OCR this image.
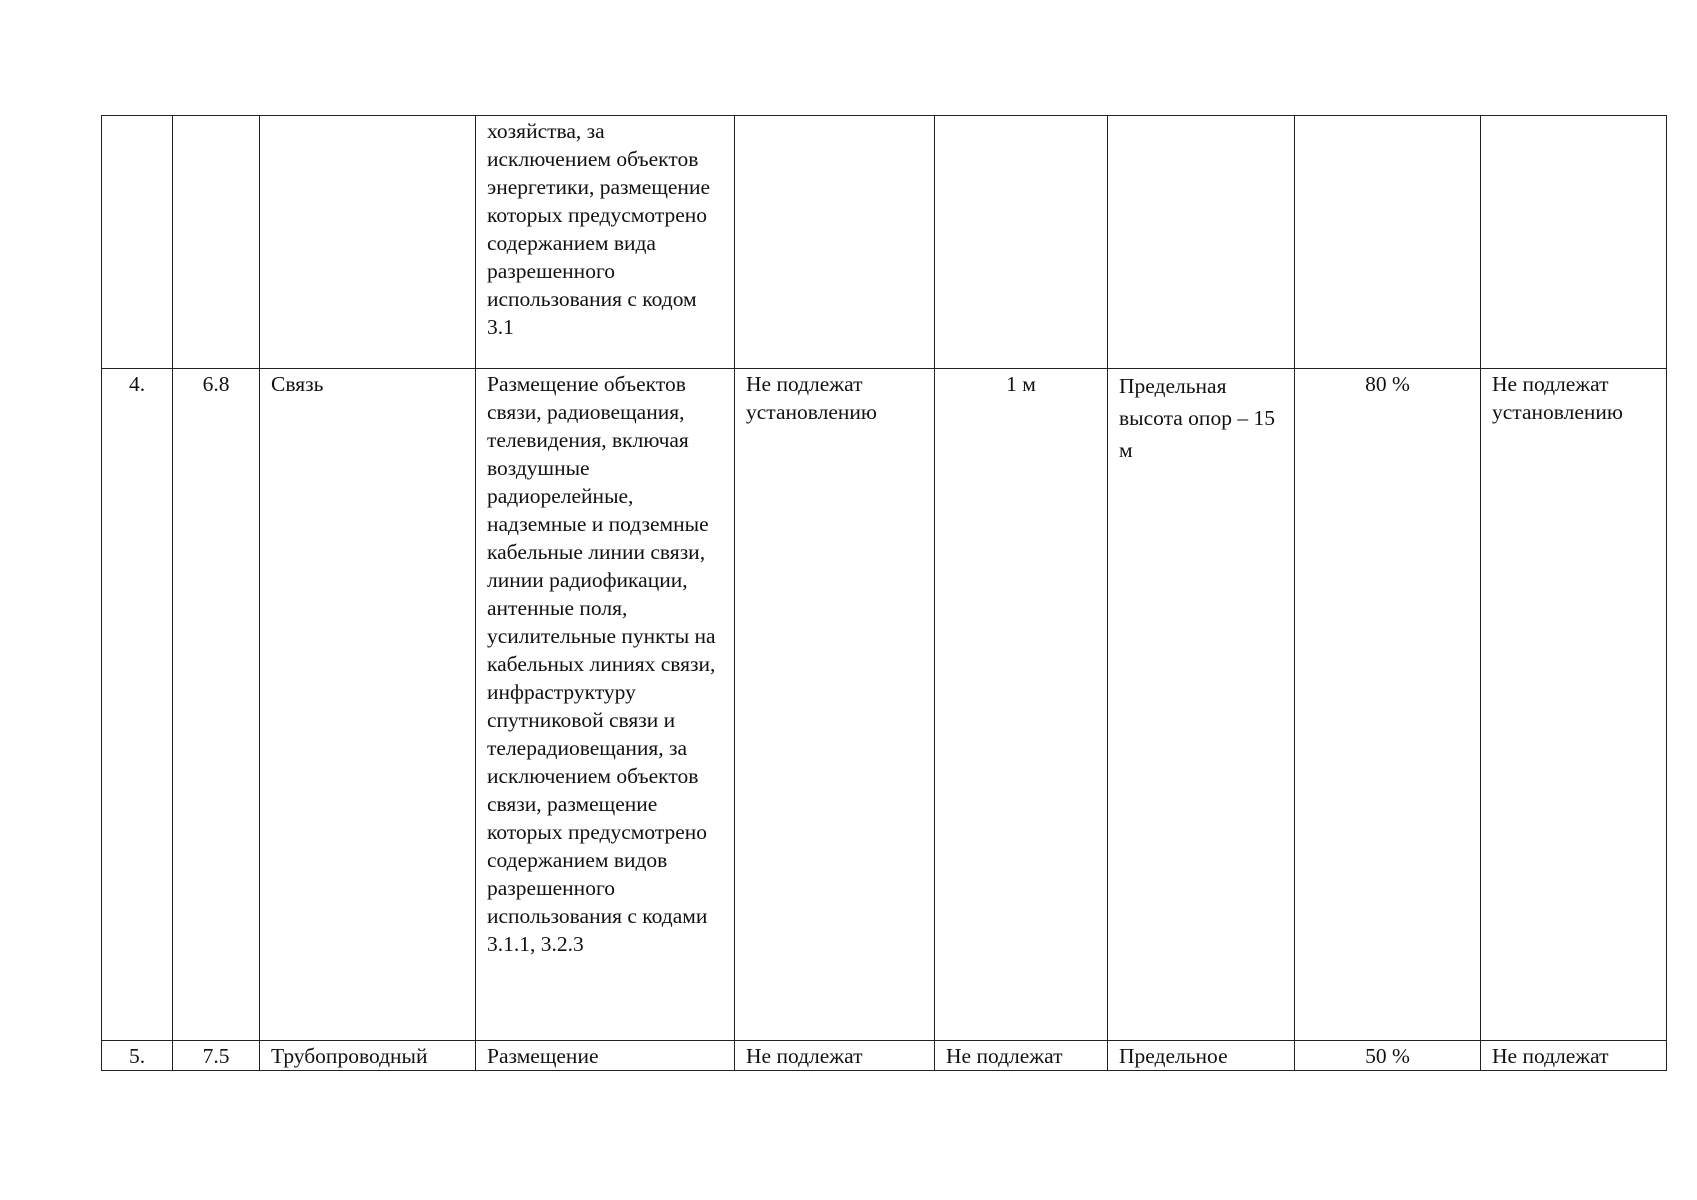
			хозяйства, за исключением объектов энергетики, размещение которых предусмотрено содержанием вида разрешенного использования с кодом 3.1					
4.	6.8	Связь	Размещение объектов связи, радиовещания, телевидения, включая воздушные радиорелейные, надземные и подземные кабельные линии связи, линии радиофикации, антенные поля, усилительные пункты на кабельных линиях связи, инфраструктуру спутниковой связи и телерадиовещания, за исключением объектов связи, размещение которых предусмотрено содержанием видов разрешенного использования с кодами 3.1.1, 3.2.3	Не подлежат установлению	1 м	Предельная высота опор – 15 м	80 %	Не подлежат установлению
5.	7.5	Трубопроводный	Размещение	Не подлежат	Не подлежат	Предельное	50 %	Не подлежат
